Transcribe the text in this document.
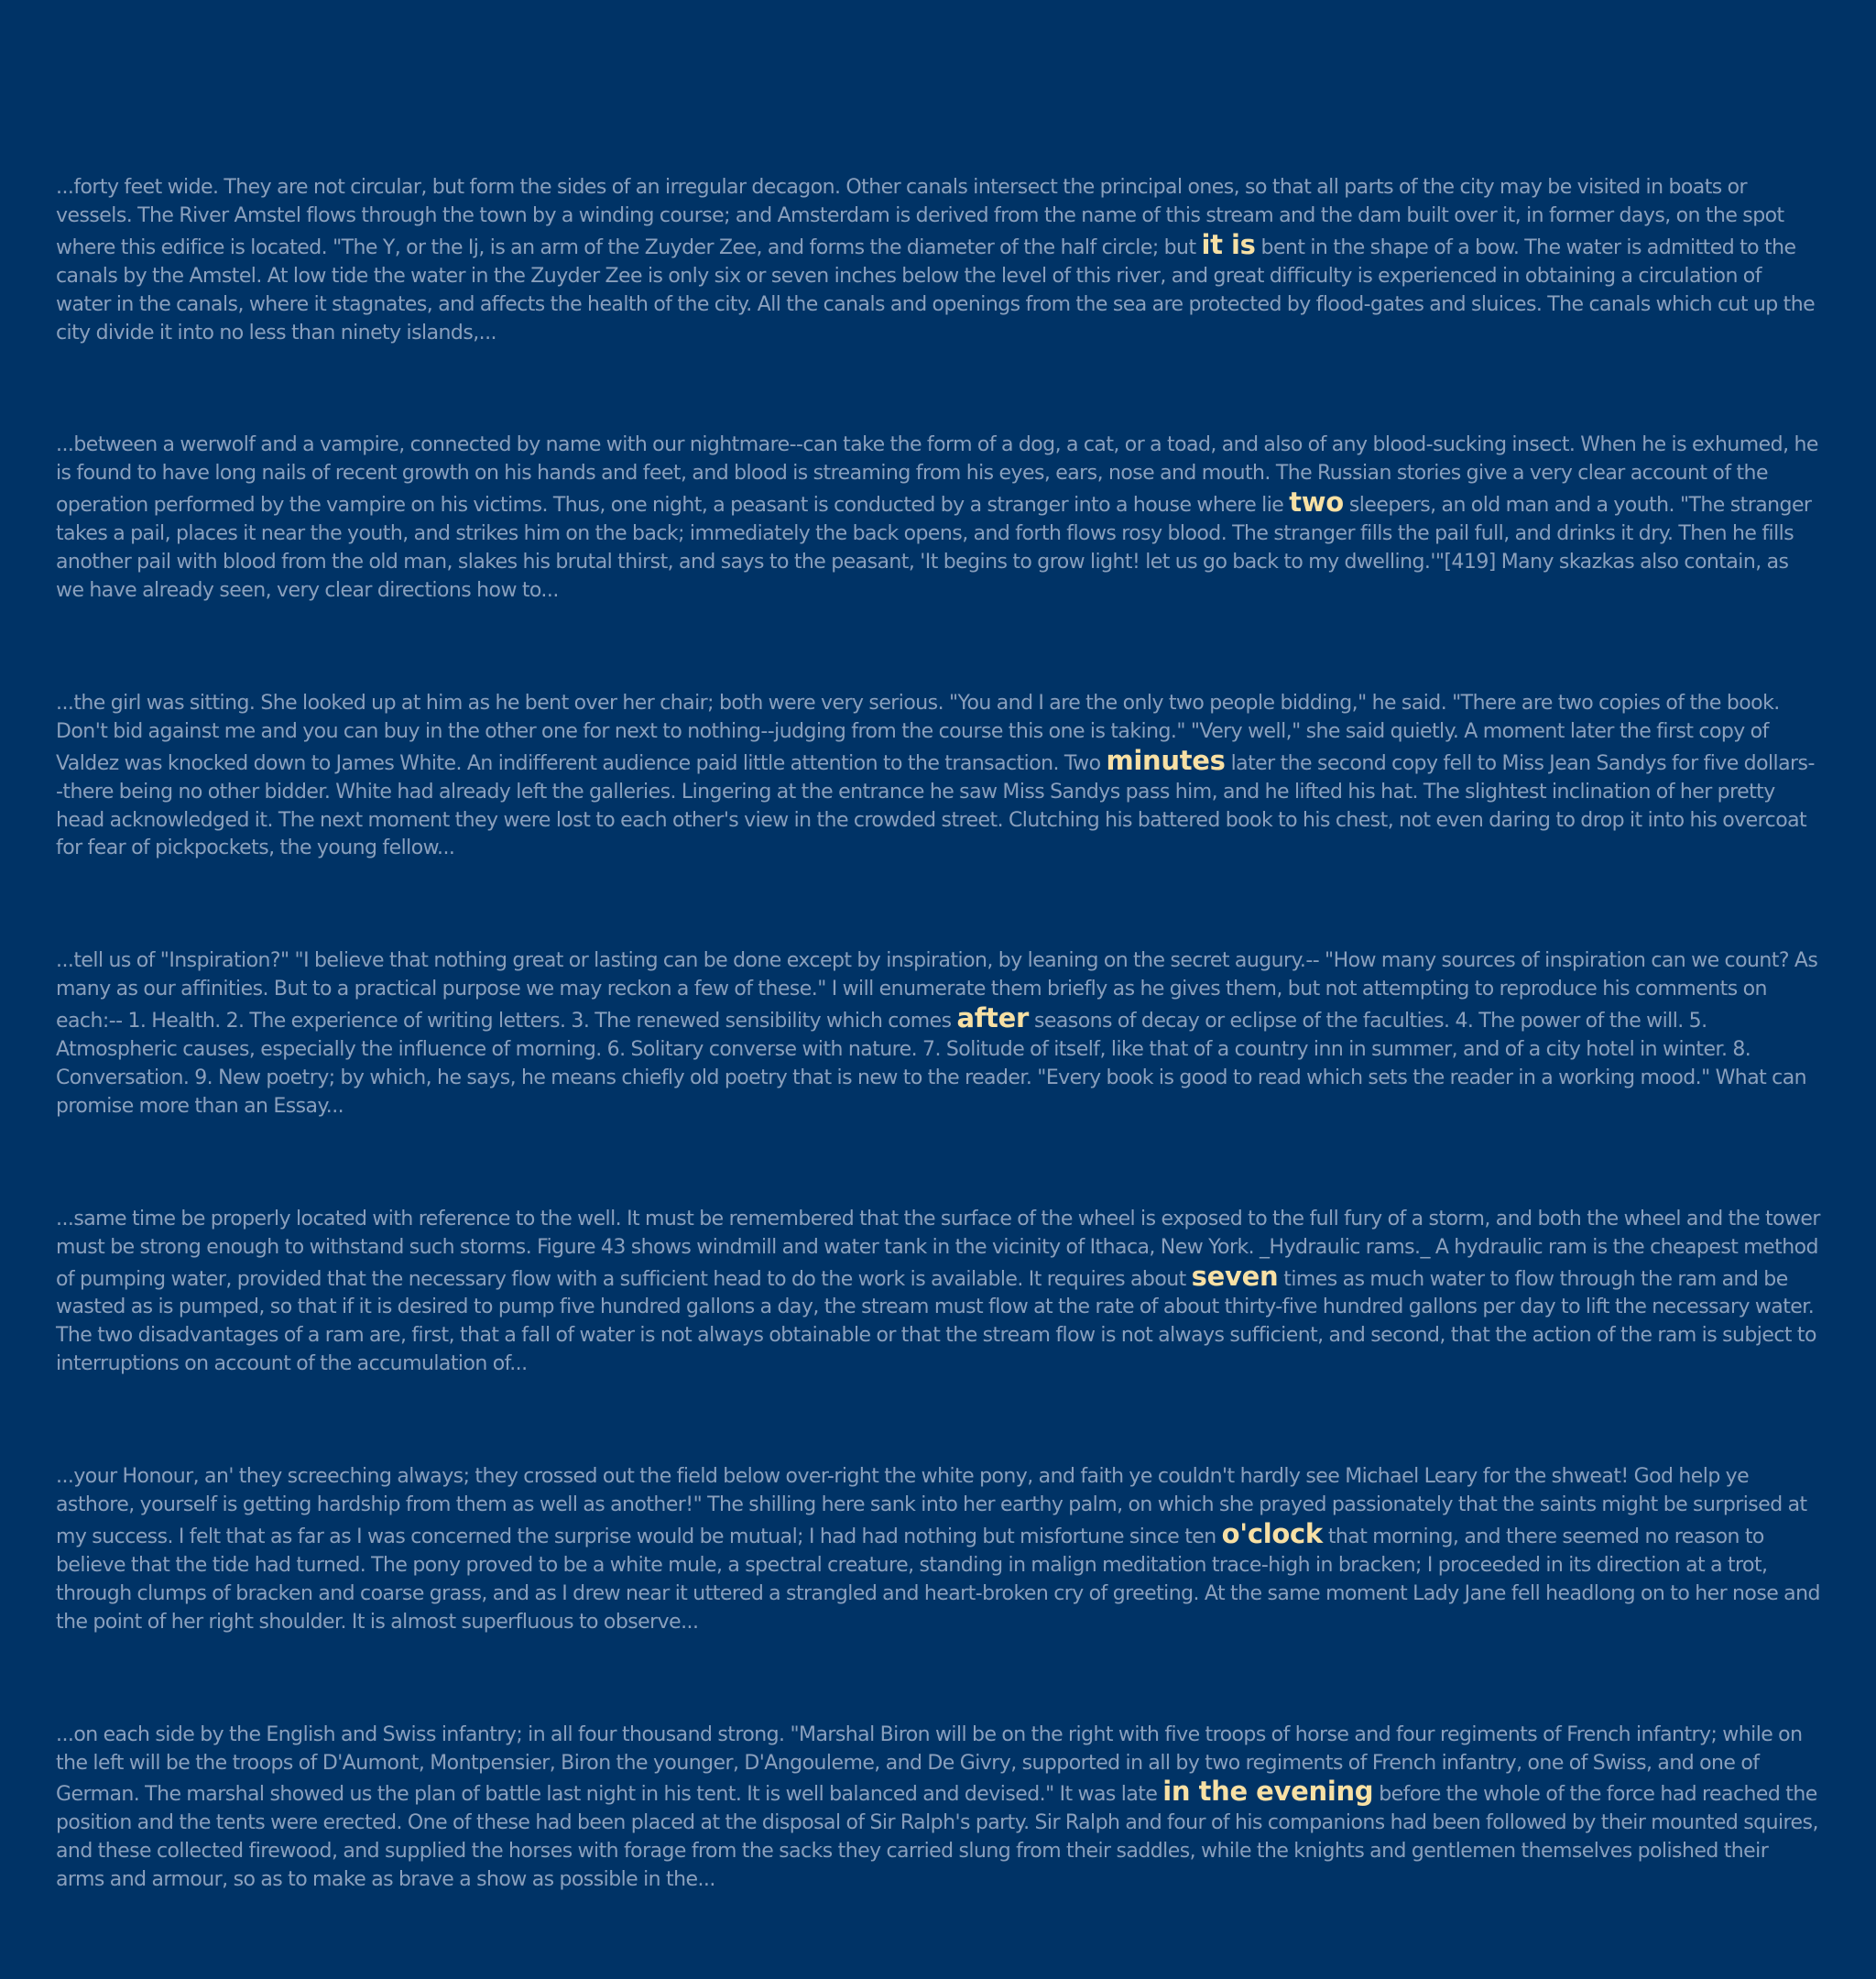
...forty feet wide. They are not circular, but form the sides of an irregular decagon. Other canals intersect the principal ones, so that all parts of the city may be visited in boats or vessels. The River Amstel flows through the town by a winding course; and Amsterdam is derived from the name of this stream and the dam built over it, in former days, on the spot where this edifice is located. "The Y, or the Ij, is an arm of the Zuyder Zee, and forms the diameter of the half circle; but it is bent in the shape of a bow. The water is admitted to the canals by the Amstel. At low tide the water in the Zuyder Zee is only six or seven inches below the level of this river, and great difficulty is experienced in obtaining a circulation of water in the canals, where it stagnates, and affects the health of the city. All the canals and openings from the sea are protected by flood-gates and sluices. The canals which cut up the city divide it into no less than ninety islands,...

...between a werwolf and a vampire, connected by name with our nightmare--can take the form of a dog, a cat, or a toad, and also of any blood-sucking insect. When he is exhumed, he is found to have long nails of recent growth on his hands and feet, and blood is streaming from his eyes, ears, nose and mouth. The Russian stories give a very clear account of the operation performed by the vampire on his victims. Thus, one night, a peasant is conducted by a stranger into a house where lie two sleepers, an old man and a youth. "The stranger takes a pail, places it near the youth, and strikes him on the back; immediately the back opens, and forth flows rosy blood. The stranger fills the pail full, and drinks it dry. Then he fills another pail with blood from the old man, slakes his brutal thirst, and says to the peasant, 'It begins to grow light! let us go back to my dwelling.'"[419] Many skazkas also contain, as we have already seen, very clear directions how to...

...the girl was sitting. She looked up at him as he bent over her chair; both were very serious. "You and I are the only two people bidding," he said. "There are two copies of the book. Don't bid against me and you can buy in the other one for next to nothing--judging from the course this one is taking." "Very well," she said quietly. A moment later the first copy of Valdez was knocked down to James White. An indifferent audience paid little attention to the transaction. Two minutes later the second copy fell to Miss Jean Sandys for five dollars--there being no other bidder. White had already left the galleries. Lingering at the entrance he saw Miss Sandys pass him, and he lifted his hat. The slightest inclination of her pretty head acknowledged it. The next moment they were lost to each other's view in the crowded street. Clutching his battered book to his chest, not even daring to drop it into his overcoat for fear of pickpockets, the young fellow...

...tell us of "Inspiration?" "I believe that nothing great or lasting can be done except by inspiration, by leaning on the secret augury.-- "How many sources of inspiration can we count? As many as our affinities. But to a practical purpose we may reckon a few of these." I will enumerate them briefly as he gives them, but not attempting to reproduce his comments on each:-- 1. Health. 2. The experience of writing letters. 3. The renewed sensibility which comes after seasons of decay or eclipse of the faculties. 4. The power of the will. 5. Atmospheric causes, especially the influence of morning. 6. Solitary converse with nature. 7. Solitude of itself, like that of a country inn in summer, and of a city hotel in winter. 8. Conversation. 9. New poetry; by which, he says, he means chiefly old poetry that is new to the reader. "Every book is good to read which sets the reader in a working mood." What can promise more than an Essay...

...same time be properly located with reference to the well. It must be remembered that the surface of the wheel is exposed to the full fury of a storm, and both the wheel and the tower must be strong enough to withstand such storms. Figure 43 shows windmill and water tank in the vicinity of Ithaca, New York. _Hydraulic rams._ A hydraulic ram is the cheapest method of pumping water, provided that the necessary flow with a sufficient head to do the work is available. It requires about seven times as much water to flow through the ram and be wasted as is pumped, so that if it is desired to pump five hundred gallons a day, the stream must flow at the rate of about thirty-five hundred gallons per day to lift the necessary water. The two disadvantages of a ram are, first, that a fall of water is not always obtainable or that the stream flow is not always sufficient, and second, that the action of the ram is subject to interruptions on account of the accumulation of...

...your Honour, an' they screeching always; they crossed out the field below over-right the white pony, and faith ye couldn't hardly see Michael Leary for the shweat! God help ye asthore, yourself is getting hardship from them as well as another!" The shilling here sank into her earthy palm, on which she prayed passionately that the saints might be surprised at my success. I felt that as far as I was concerned the surprise would be mutual; I had had nothing but misfortune since ten o'clock that morning, and there seemed no reason to believe that the tide had turned. The pony proved to be a white mule, a spectral creature, standing in malign meditation trace-high in bracken; I proceeded in its direction at a trot, through clumps of bracken and coarse grass, and as I drew near it uttered a strangled and heart-broken cry of greeting. At the same moment Lady Jane fell headlong on to her nose and the point of her right shoulder. It is almost superfluous to observe...

...on each side by the English and Swiss infantry; in all four thousand strong. "Marshal Biron will be on the right with five troops of horse and four regiments of French infantry; while on the left will be the troops of D'Aumont, Montpensier, Biron the younger, D'Angouleme, and De Givry, supported in all by two regiments of French infantry, one of Swiss, and one of German. The marshal showed us the plan of battle last night in his tent. It is well balanced and devised." It was late in the evening before the whole of the force had reached the position and the tents were erected. One of these had been placed at the disposal of Sir Ralph's party. Sir Ralph and four of his companions had been followed by their mounted squires, and these collected firewood, and supplied the horses with forage from the sacks they carried slung from their saddles, while the knights and gentlemen themselves polished their arms and armour, so as to make as brave a show as possible in the...
